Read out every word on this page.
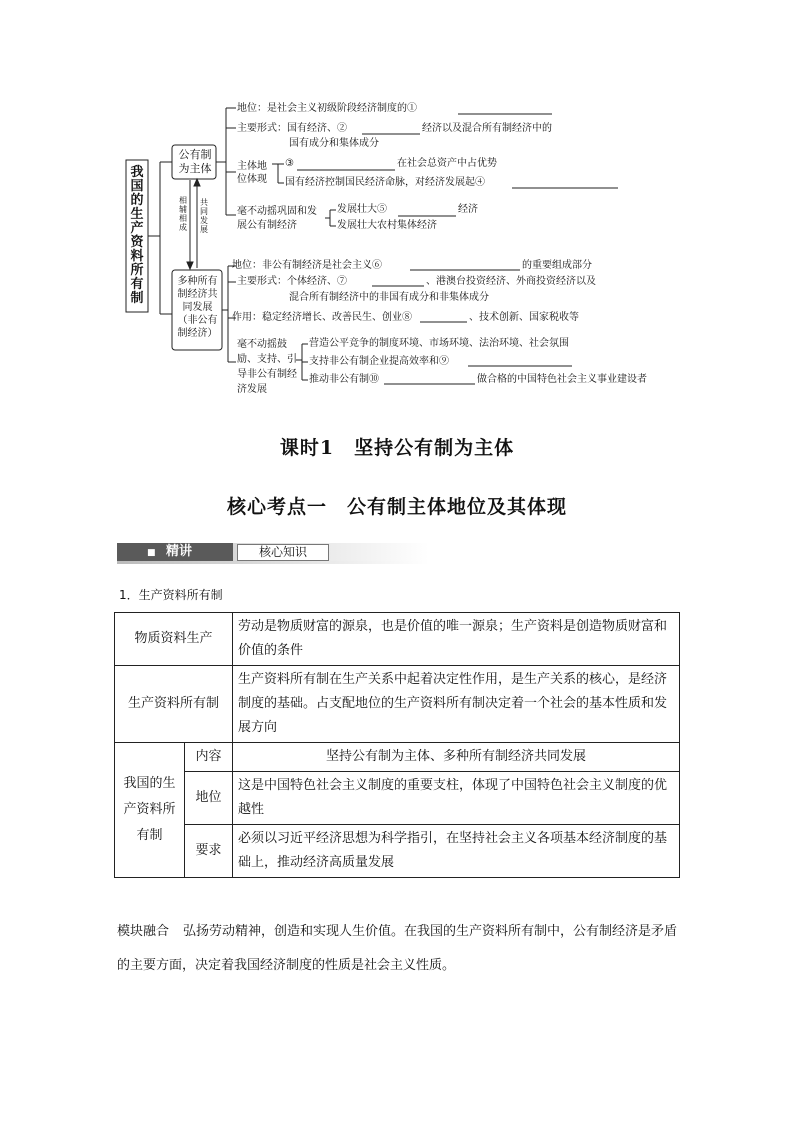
我国的生产资料所有制
公有制为主体
相辅相成
共同发展
多种所有制经济共同发展（非公有制经济）
地位：是社会主义初级阶段经济制度的①
主要形式：国有经济、②	经济以及混合所有制经济中的
国有成分和集体成分
主体地位体现
③	在社会总资产中占优势
国有经济控制国民经济命脉，对经济发展起④
毫不动摇巩固和发展公有制经济
发展壮大⑤	经济
发展壮大农村集体经济
地位：非公有制经济是社会主义⑥	的重要组成部分
主要形式：个体经济、⑦	、港澳台投资经济、外商投资经济以及
混合所有制经济中的非国有成分和非集体成分
作用：稳定经济增长、改善民生、创业⑧	、技术创新、国家税收等
毫不动摇鼓励、支持、引导非公有制经济发展
营造公平竞争的制度环境、市场环境、法治环境、社会氛围
支持非公有制企业提高效率和⑨
推动非公有制⑩	做合格的中国特色社会主义事业建设者
课时1　坚持公有制为主体
核心考点一　公有制主体地位及其体现
■ 精讲	核心知识
1．生产资料所有制
物质资料生产		劳动是物质财富的源泉，也是价值的唯一源泉；生产资料是创造物质财富和价值的条件
生产资料所有制		生产资料所有制在生产关系中起着决定性作用，是生产关系的核心，是经济制度的基础。占支配地位的生产资料所有制决定着一个社会的基本性质和发展方向
我国的生产资料所有制	内容	坚持公有制为主体、多种所有制经济共同发展
	地位	这是中国特色社会主义制度的重要支柱，体现了中国特色社会主义制度的优越性
	要求	必须以习近平经济思想为科学指引，在坚持社会主义各项基本经济制度的基础上，推动经济高质量发展
模块融合 弘扬劳动精神，创造和实现人生价值。在我国的生产资料所有制中，公有制经济是矛盾的主要方面，决定着我国经济制度的性质是社会主义性质。
